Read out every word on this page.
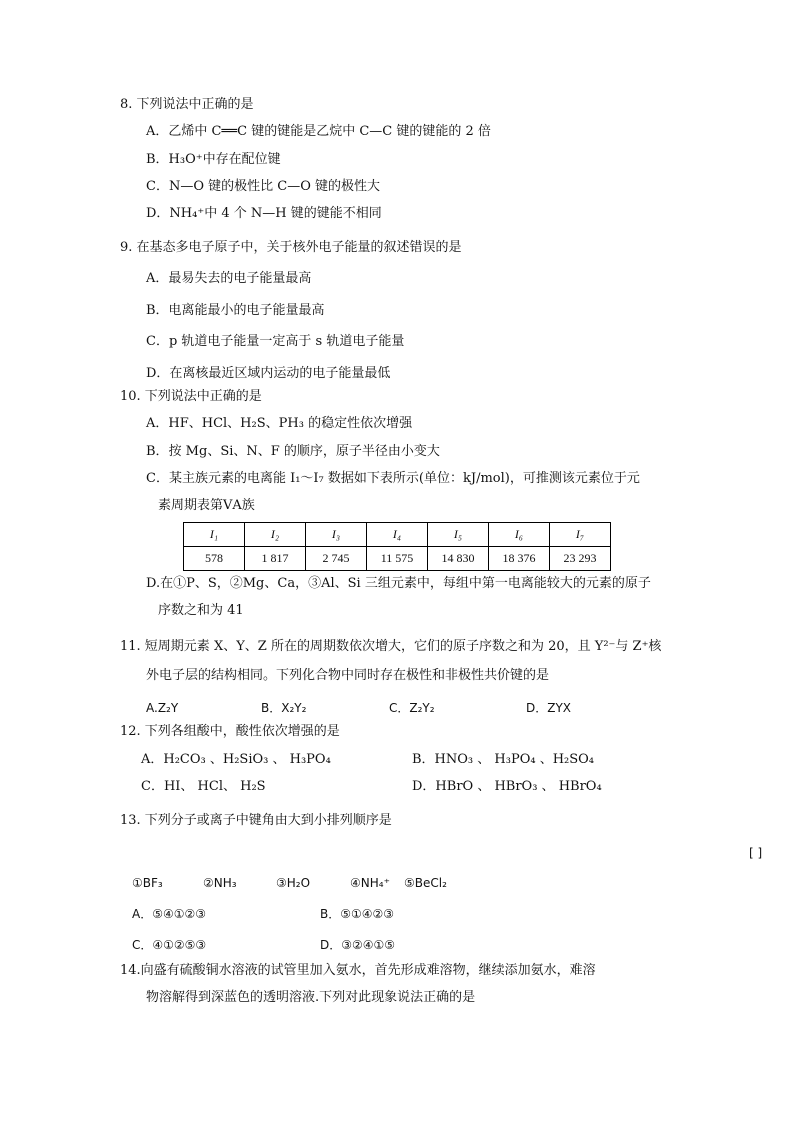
8. 下列说法中正确的是
A．乙烯中 C══C 键的键能是乙烷中 C—C 键的键能的 2 倍
B．H₃O⁺中存在配位键
C．N—O 键的极性比 C—O 键的极性大
D．NH₄⁺中 4 个 N—H 键的键能不相同
9. 在基态多电子原子中，关于核外电子能量的叙述错误的是
A．最易失去的电子能量最高
B．电离能最小的电子能量最高
C．p 轨道电子能量一定高于 s 轨道电子能量
D．在离核最近区域内运动的电子能量最低
10. 下列说法中正确的是
A．HF、HCl、H₂S、PH₃ 的稳定性依次增强
B．按 Mg、Si、N、F 的顺序，原子半径由小变大
C．某主族元素的电离能 I₁～I₇ 数据如下表所示(单位：kJ/mol)，可推测该元素位于元
素周期表第ⅤA族
I₁	I₂	I₃	I₄	I₅	I₆	I₇
578	1 817	2 745	11 575	14 830	18 376	23 293
D.在①P、S，②Mg、Ca，③Al、Si 三组元素中，每组中第一电离能较大的元素的原子
序数之和为 41
11. 短周期元素 X、Y、Z 所在的周期数依次增大，它们的原子序数之和为 20，且 Y²⁻与 Z⁺核
外电子层的结构相同。下列化合物中同时存在极性和非极性共价键的是
A.Z₂Y	B．X₂Y₂	C．Z₂Y₂	D．ZYX
12. 下列各组酸中，酸性依次增强的是
A．H₂CO₃ 、H₂SiO₃ 、 H₃PO₄	B．HNO₃ 、 H₃PO₄ 、H₂SO₄
C．HI、 HCl、 H₂S	D．HBrO 、 HBrO₃ 、 HBrO₄
13. 下列分子或离子中键角由大到小排列顺序是
[ ]
①BF₃	②NH₃	③H₂O	④NH₄⁺ ⑤BeCl₂
A．⑤④①②③	B．⑤①④②③
C．④①②⑤③	D．③②④①⑤
14.向盛有硫酸铜水溶液的试管里加入氨水，首先形成难溶物，继续添加氨水，难溶
物溶解得到深蓝色的透明溶液.下列对此现象说法正确的是
